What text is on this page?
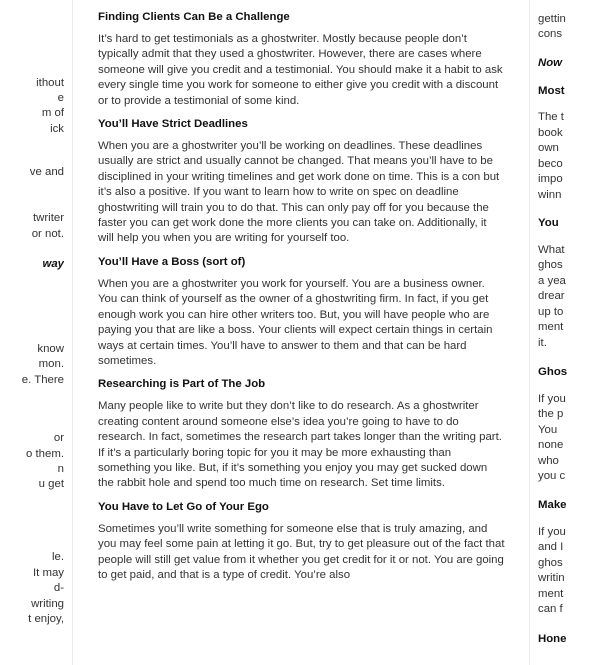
ithout
e
m of
ick
ve and
twriter
or not.
way
know
mon.
e. There
or
o them.
n
u get
le.
It may
d-
writing
t enjoy,
Finding Clients Can Be a Challenge

It’s hard to get testimonials as a ghostwriter. Mostly because people don’t typically admit that they used a ghostwriter. However, there are cases where someone will give you credit and a testimonial. You should make it a habit to ask every single time you work for someone to either give you credit with a discount or to provide a testimonial of some kind.

You’ll Have Strict Deadlines

When you are a ghostwriter you’ll be working on deadlines. These deadlines usually are strict and usually cannot be changed. That means you’ll have to be disciplined in your writing timelines and get work done on time. This is a con but it’s also a positive. If you want to learn how to write on spec on deadline ghostwriting will train you to do that. This can only pay off for you because the faster you can get work done the more clients you can take on. Additionally, it will help you when you are writing for yourself too.

You’ll Have a Boss (sort of)

When you are a ghostwriter you work for yourself. You are a business owner. You can think of yourself as the owner of a ghostwriting firm. In fact, if you get enough work you can hire other writers too. But, you will have people who are paying you that are like a boss. Your clients will expect certain things in certain ways at certain times. You’ll have to answer to them and that can be hard sometimes.

Researching is Part of The Job

Many people like to write but they don’t like to do research. As a ghostwriter creating content around someone else’s idea you’re going to have to do research. In fact, sometimes the research part takes longer than the writing part. If it’s a particularly boring topic for you it may be more exhausting than something you like. But, if it’s something you enjoy you may get sucked down the rabbit hole and spend too much time on research. Set time limits.

You Have to Let Go of Your Ego

Sometimes you’ll write something for someone else that is truly amazing, and you may feel some pain at letting it go. But, try to get pleasure out of the fact that people will still get value from it whether you get credit for it or not. You are going to get paid, and that is a type of credit. You’re also

gettin
cons
Now
Most
The t
book
own
beco
impo
winn
You
What
ghos
a yea
drear
up to
ment
it.
Ghos
If you
the p
You
none
who
you c
Make
If you
and I
ghos
writin
ment
can f
Hone
